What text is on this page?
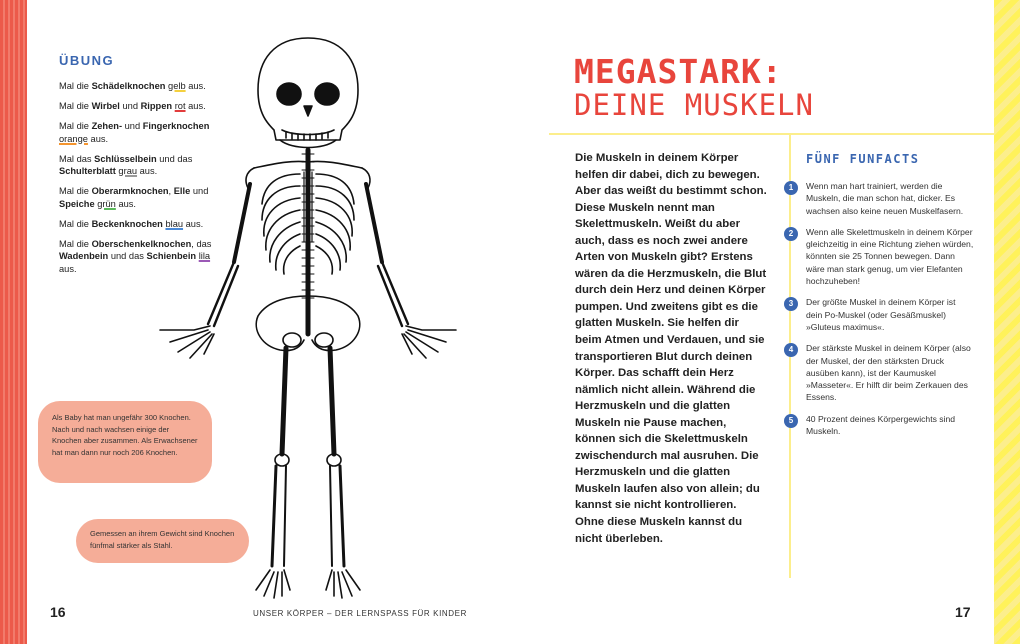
ÜBUNG
Mal die Schädelknochen gelb aus.
Mal die Wirbel und Rippen rot aus.
Mal die Zehen- und Fingerknochen orange aus.
Mal das Schlüsselbein und das Schulterblatt grau aus.
Mal die Oberarmknochen, Elle und Speiche grün aus.
Mal die Beckenknochen blau aus.
Mal die Oberschenkelknochen, das Wadenbein und das Schienbein lila aus.
Als Baby hat man ungefähr 300 Knochen. Nach und nach wachsen einige der Knochen aber zusammen. Als Erwachsener hat man dann nur noch 206 Knochen.
Gemessen an ihrem Gewicht sind Knochen fünfmal stärker als Stahl.
16	UNSER KÖRPER – DER LERNSPASS FÜR KINDER	17
MEGASTARK:
DEINE MUSKELN

Die Muskeln in deinem Körper helfen dir dabei, dich zu bewegen. Aber das weißt du bestimmt schon. Diese Muskeln nennt man Skelettmuskeln. Weißt du aber auch, dass es noch zwei andere Arten von Muskeln gibt? Erstens wären da die Herzmuskeln, die Blut durch dein Herz und deinen Körper pumpen. Und zweitens gibt es die glatten Muskeln. Sie helfen dir beim Atmen und Verdauen, und sie transportieren Blut durch deinen Körper. Das schafft dein Herz nämlich nicht allein. Während die Herzmuskeln und die glatten Muskeln nie Pause machen, können sich die Skelettmuskeln zwischendurch mal ausruhen. Die Herzmuskeln und die glatten Muskeln laufen also von allein; du kannst sie nicht kontrollieren. Ohne diese Muskeln kannst du nicht überleben.

FÜNF FUNFACTS
1	Wenn man hart trainiert, werden die Muskeln, die man schon hat, dicker. Es wachsen also keine neuen Muskelfasern.
2	Wenn alle Skelettmuskeln in deinem Körper gleichzeitig in eine Richtung ziehen würden, könnten sie 25 Tonnen bewegen. Dann wäre man stark genug, um vier Elefanten hochzuheben!
3	Der größte Muskel in deinem Körper ist dein Po-Muskel (oder Gesäßmuskel) »Gluteus maximus«.
4	Der stärkste Muskel in deinem Körper (also der Muskel, der den stärksten Druck ausüben kann), ist der Kaumuskel »Masseter«. Er hilft dir beim Zerkauen des Essens.
5	40 Prozent deines Körpergewichts sind Muskeln.
